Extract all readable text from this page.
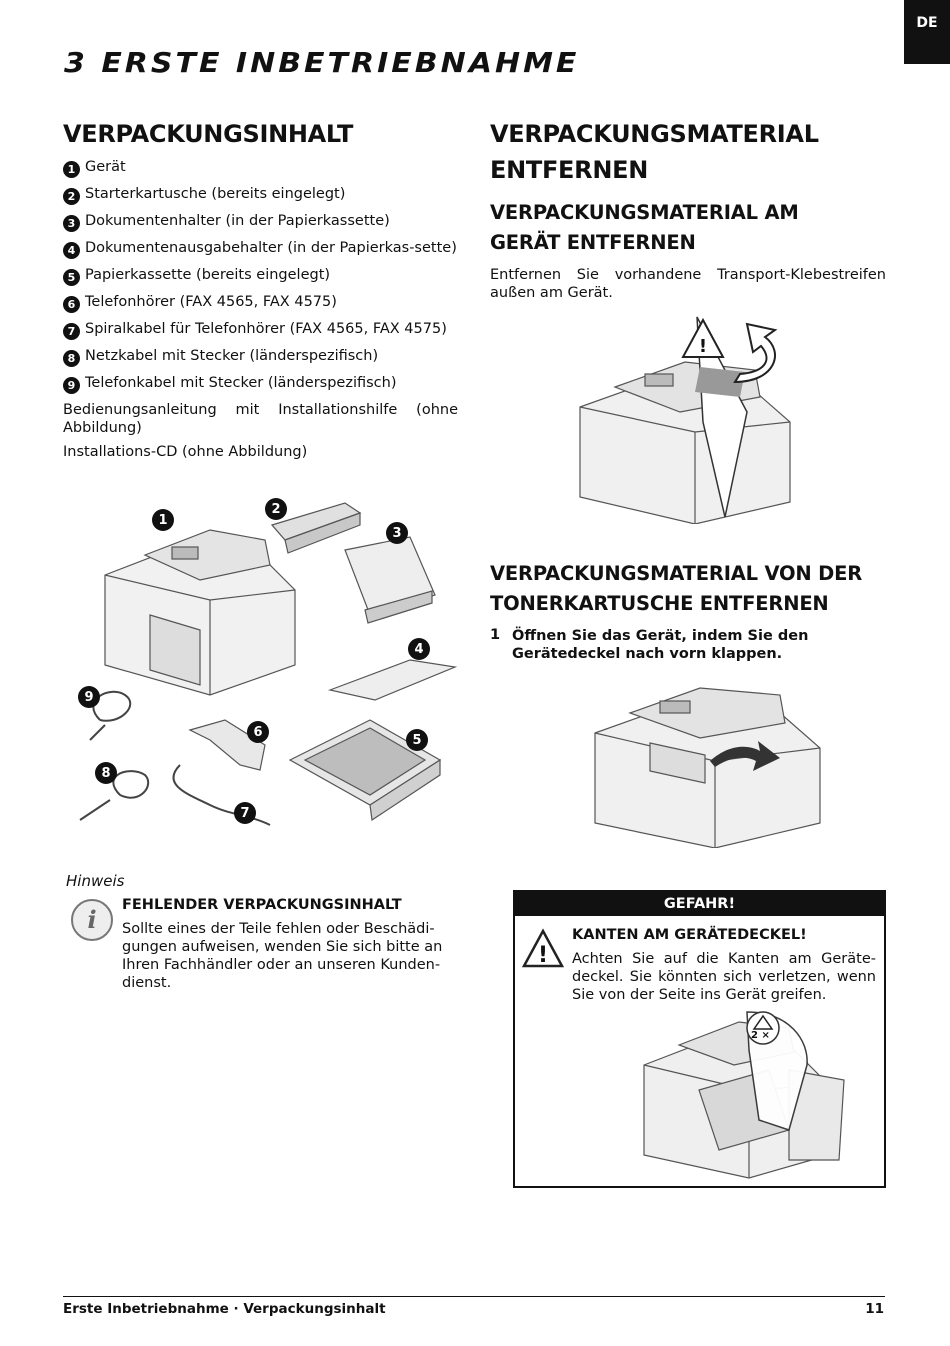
DE
3 ERSTE INBETRIEBNAHME
VERPACKUNGSINHALT
1 Gerät
2 Starterkartusche (bereits eingelegt)
3 Dokumentenhalter (in der Papierkassette)
4 Dokumentenausgabehalter (in der Papierkas-sette)
5 Papierkassette (bereits eingelegt)
6 Telefonhörer (FAX 4565, FAX 4575)
7 Spiralkabel für Telefonhörer (FAX 4565, FAX 4575)
8 Netzkabel mit Stecker (länderspezifisch)
9 Telefonkabel mit Stecker (länderspezifisch)
Bedienungsanleitung mit Installationshilfe (ohne Abbildung)
Installations-CD (ohne Abbildung)
1
2
3
4
5
6
7
8
9
Hinweis
i FEHLENDER VERPACKUNGSINHALT
Sollte eines der Teile fehlen oder Beschädi-gungen aufweisen, wenden Sie sich bitte an Ihren Fachhändler oder an unseren Kunden-dienst.
VERPACKUNGSMATERIAL ENTFERNEN
VERPACKUNGSMATERIAL AM GERÄT ENTFERNEN
Entfernen Sie vorhandene Transport-Klebestreifen außen am Gerät.
!
VERPACKUNGSMATERIAL VON DER TONERKARTUSCHE ENTFERNEN
1 Öffnen Sie das Gerät, indem Sie den Gerätedeckel nach vorn klappen.
GEFAHR!
!
KANTEN AM GERÄTEDECKEL!
Achten Sie auf die Kanten am Geräte-deckel. Sie könnten sich verletzen, wenn Sie von der Seite ins Gerät greifen.
2 ×
Erste Inbetriebnahme · Verpackungsinhalt	11
